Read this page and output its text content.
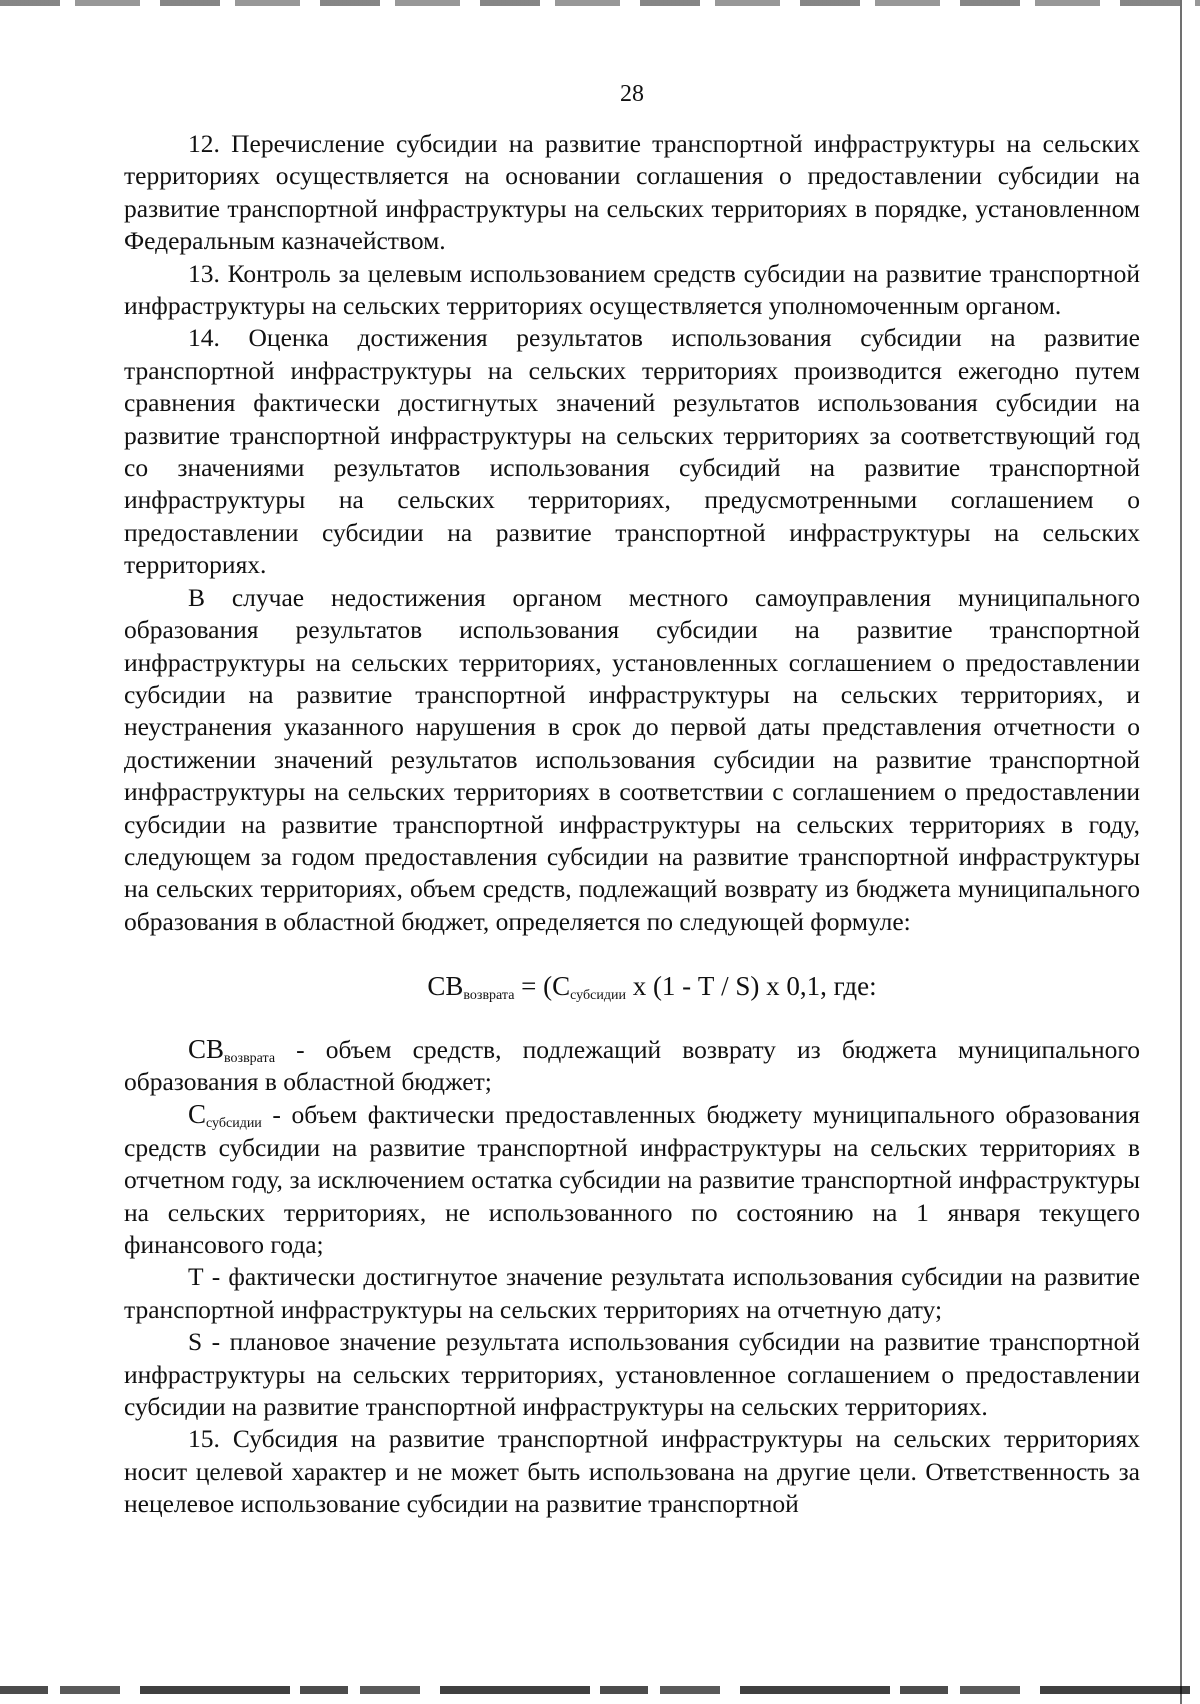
28

12. Перечисление субсидии на развитие транспортной инфраструктуры на сельских территориях осуществляется на основании соглашения о предоставлении субсидии на развитие транспортной инфраструктуры на сельских территориях в порядке, установленном Федеральным казначейством.

13. Контроль за целевым использованием средств субсидии на развитие транспортной инфраструктуры на сельских территориях осуществляется уполномоченным органом.

14. Оценка достижения результатов использования субсидии на развитие транспортной инфраструктуры на сельских территориях производится ежегодно путем сравнения фактически достигнутых значений результатов использования субсидии на развитие транспортной инфраструктуры на сельских территориях за соответствующий год со значениями результатов использования субсидий на развитие транспортной инфраструктуры на сельских территориях, предусмотренными соглашением о предоставлении субсидии на развитие транспортной инфраструктуры на сельских территориях.

В случае недостижения органом местного самоуправления муниципального образования результатов использования субсидии на развитие транспортной инфраструктуры на сельских территориях, установленных соглашением о предоставлении субсидии на развитие транспортной инфраструктуры на сельских территориях, и неустранения указанного нарушения в срок до первой даты представления отчетности о достижении значений результатов использования субсидии на развитие транспортной инфраструктуры на сельских территориях в соответствии с соглашением о предоставлении субсидии на развитие транспортной инфраструктуры на сельских территориях в году, следующем за годом предоставления субсидии на развитие транспортной инфраструктуры на сельских территориях, объем средств, подлежащий возврату из бюджета муниципального образования в областной бюджет, определяется по следующей формуле:

$СВ_{возврата} = (С_{субсидии}$ x (1 - Т / S) x 0,1, где:

$СВ_{возврата}$ - объем средств, подлежащий возврату из бюджета муниципального образования в областной бюджет;

$С_{субсидии}$ - объем фактически предоставленных бюджету муниципального образования средств субсидии на развитие транспортной инфраструктуры на сельских территориях в отчетном году, за исключением остатка субсидии на развитие транспортной инфраструктуры на сельских территориях, не использованного по состоянию на 1 января текущего финансового года;

Т - фактически достигнутое значение результата использования субсидии на развитие транспортной инфраструктуры на сельских территориях на отчетную дату;

S - плановое значение результата использования субсидии на развитие транспортной инфраструктуры на сельских территориях, установленное соглашением о предоставлении субсидии на развитие транспортной инфраструктуры на сельских территориях.

15. Субсидия на развитие транспортной инфраструктуры на сельских территориях носит целевой характер и не может быть использована на другие цели. Ответственность за нецелевое использование субсидии на развитие транспортной
